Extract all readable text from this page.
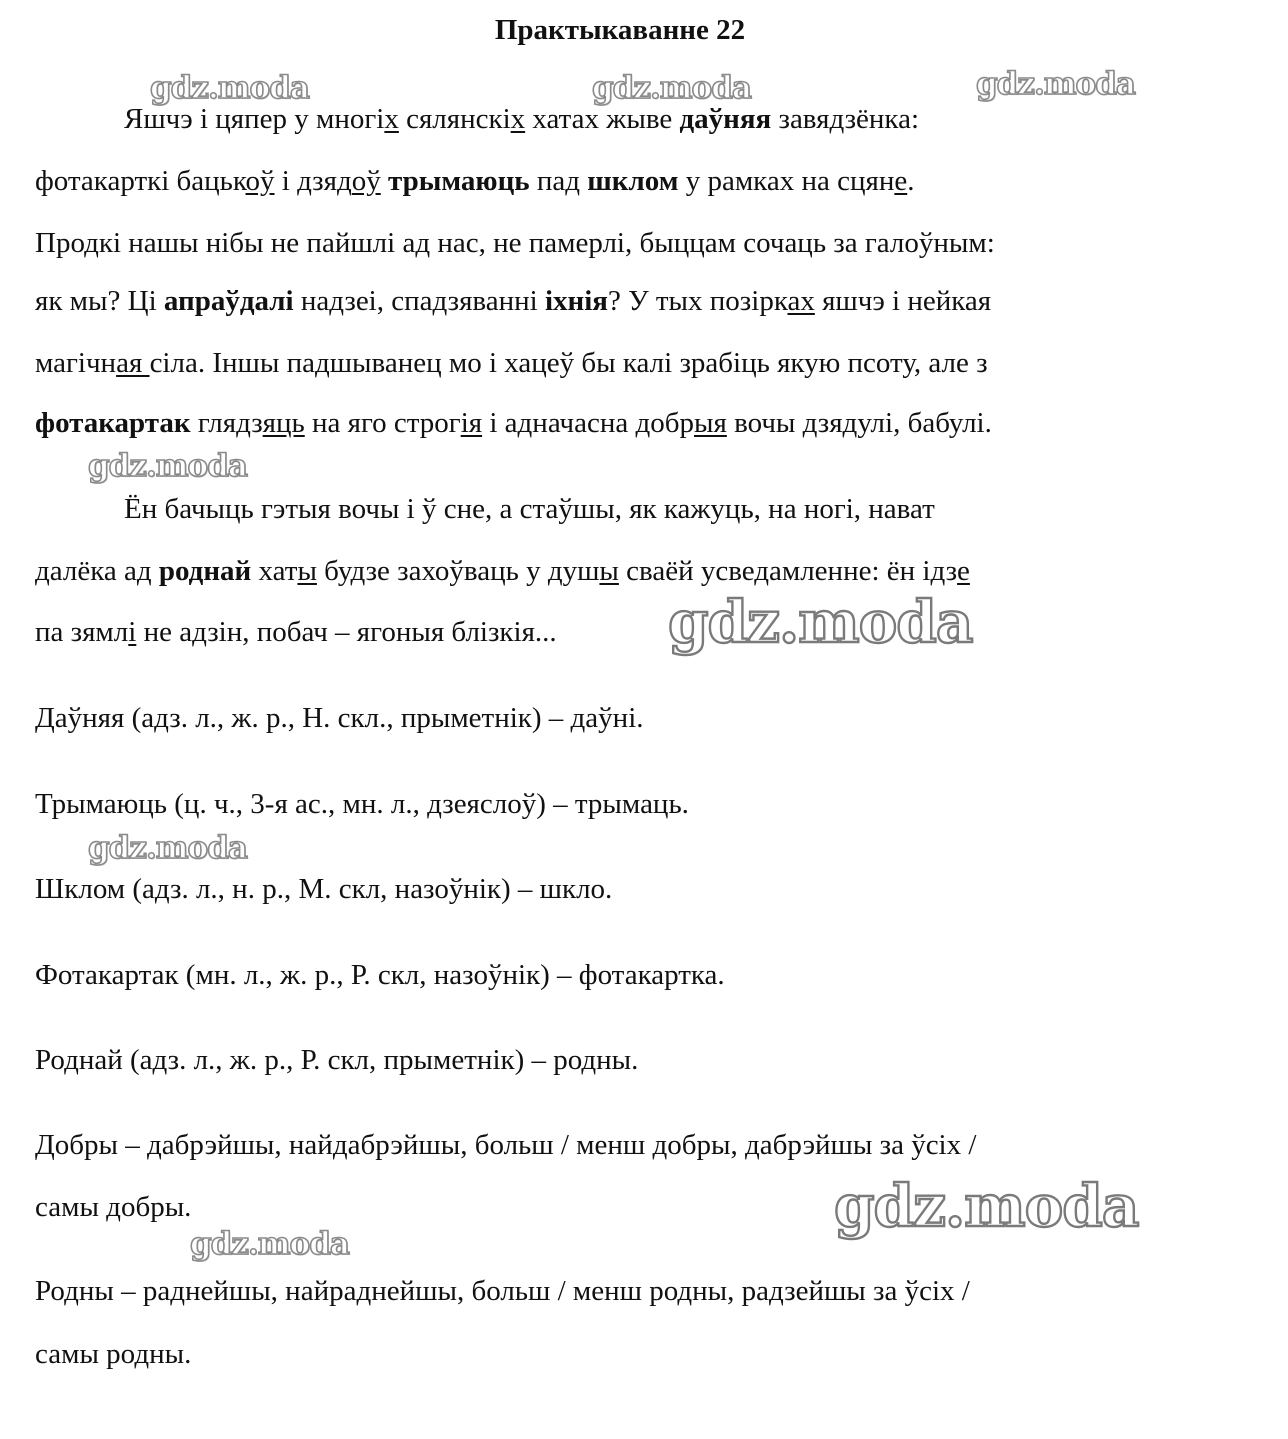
Практыкаванне 22
gdz.moda	gdz.moda	gdz.moda
gdz.moda
gdz.moda
gdz.moda
gdz.moda
gdz.moda
Яшчэ і цяпер у многіх сялянскіх хатах жыве даўняя завядзёнка:
фотакарткі бацькоў і дзядоў трымаюць пад шклом у рамках на сцяне.
Продкі нашы нібы не пайшлі ад нас, не памерлі, быццам сочаць за галоўным:
як мы? Ці апраўдалі надзеі, спадзяванні іхнія? У тых позірках яшчэ і нейкая
магічная сіла. Іншы падшыванец мо і хацеў бы калі зрабіць якую псоту, але з
фотакартак глядзяць на яго строгія і адначасна добрыя вочы дзядулі, бабулі.
Ён бачыць гэтыя вочы і ў сне, а стаўшы, як кажуць, на ногі, нават
далёка ад роднай хаты будзе захоўваць у душы сваёй усведамленне: ён ідзе
па зямлі не адзін, побач – ягоныя блізкія...
Даўняя (адз. л., ж. р., Н. скл., прыметнік) – даўні.
Трымаюць (ц. ч., 3-я ас., мн. л., дзеяслоў) – трымаць.
Шклом (адз. л., н. р., М. скл, назоўнік) – шкло.
Фотакартак (мн. л., ж. р., Р. скл, назоўнік) – фотакартка.
Роднай (адз. л., ж. р., Р. скл, прыметнік) – родны.
Добры – дабрэйшы, найдабрэйшы, больш / менш добры, дабрэйшы за ўсіх /
самы добры.
Родны – раднейшы, найраднейшы, больш / менш родны, радзейшы за ўсіх /
самы родны.
